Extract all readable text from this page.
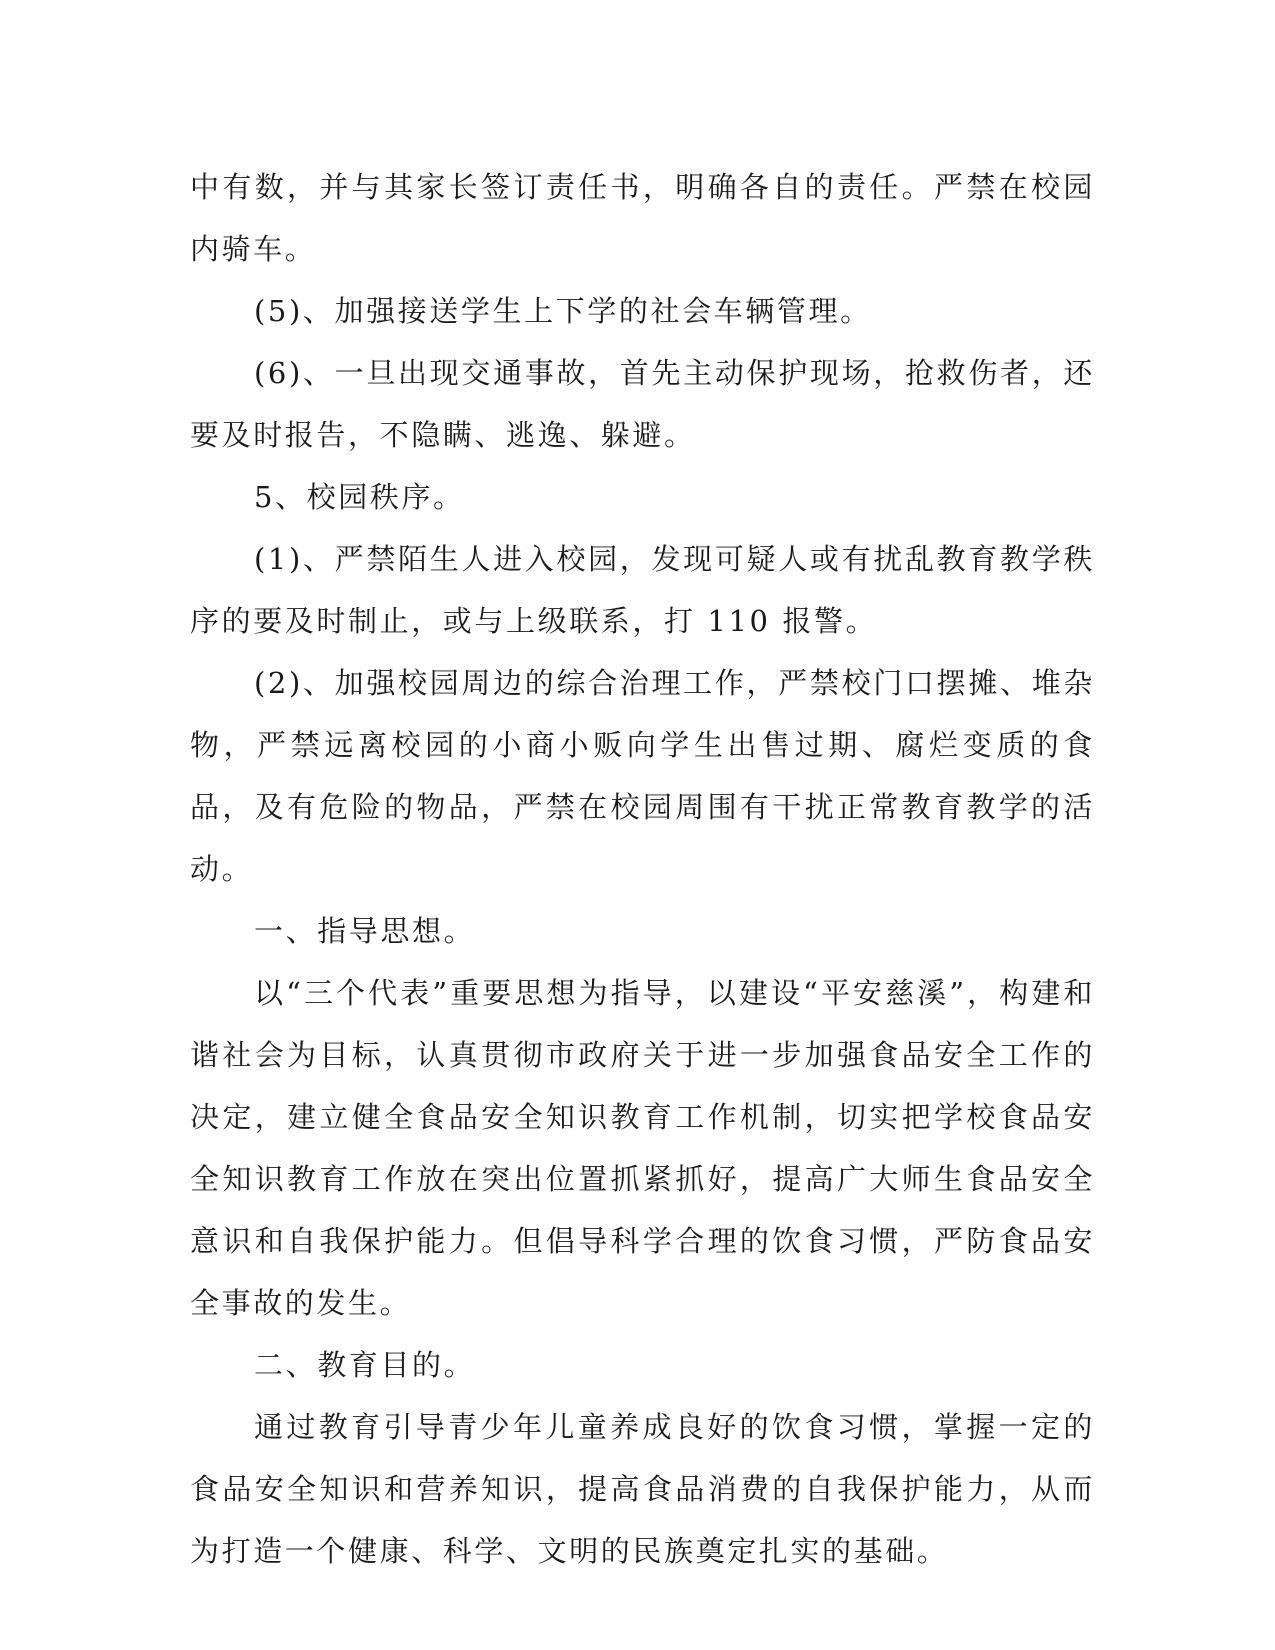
中有数，并与其家长签订责任书，明确各自的责任。严禁在校园内骑车。

(5)、加强接送学生上下学的社会车辆管理。

(6)、一旦出现交通事故，首先主动保护现场，抢救伤者，还要及时报告，不隐瞒、逃逸、躲避。

5、校园秩序。

(1)、严禁陌生人进入校园，发现可疑人或有扰乱教育教学秩序的要及时制止，或与上级联系，打 110 报警。

(2)、加强校园周边的综合治理工作，严禁校门口摆摊、堆杂物，严禁远离校园的小商小贩向学生出售过期、腐烂变质的食品，及有危险的物品，严禁在校园周围有干扰正常教育教学的活动。

一、指导思想。

以“三个代表”重要思想为指导，以建设“平安慈溪”，构建和谐社会为目标，认真贯彻市政府关于进一步加强食品安全工作的决定，建立健全食品安全知识教育工作机制，切实把学校食品安全知识教育工作放在突出位置抓紧抓好，提高广大师生食品安全意识和自我保护能力。但倡导科学合理的饮食习惯，严防食品安全事故的发生。

二、教育目的。

通过教育引导青少年儿童养成良好的饮食习惯，掌握一定的食品安全知识和营养知识，提高食品消费的自我保护能力，从而为打造一个健康、科学、文明的民族奠定扎实的基础。
